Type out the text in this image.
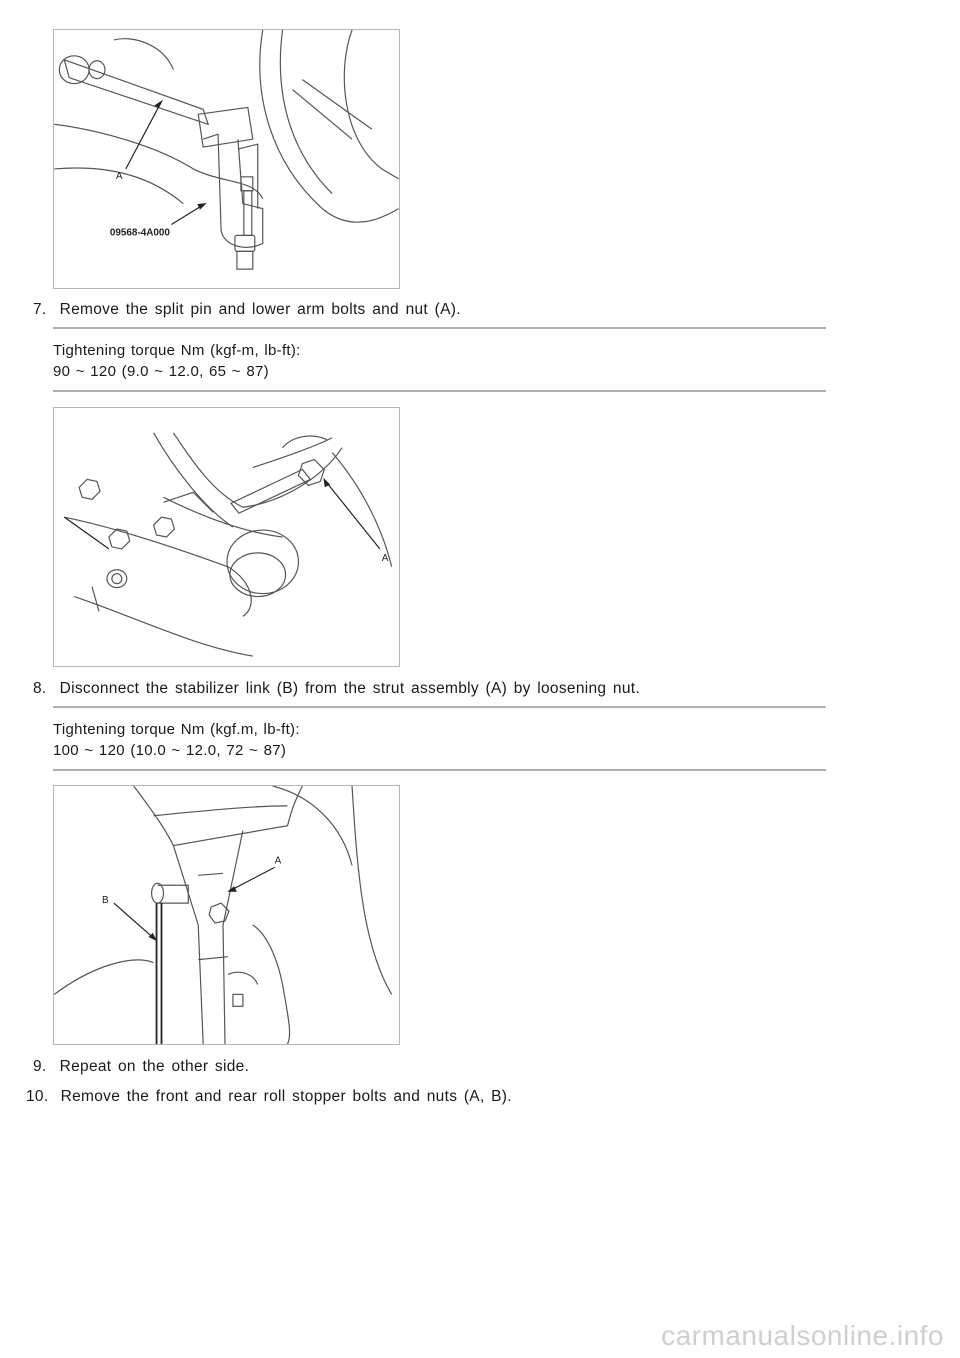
A
09568-4A000
7. Remove the split pin and lower arm bolts and nut (A).
Tightening torque Nm (kgf-m, lb-ft):
90 ~ 120 (9.0 ~ 12.0, 65 ~ 87)
A
8. Disconnect the stabilizer link (B) from the strut assembly (A) by loosening nut.
Tightening torque Nm (kgf.m, lb-ft):
100 ~ 120 (10.0 ~ 12.0, 72 ~ 87)
B
A
9. Repeat on the other side.
10. Remove the front and rear roll stopper bolts and nuts (A, B).
carmanualsonline.info
